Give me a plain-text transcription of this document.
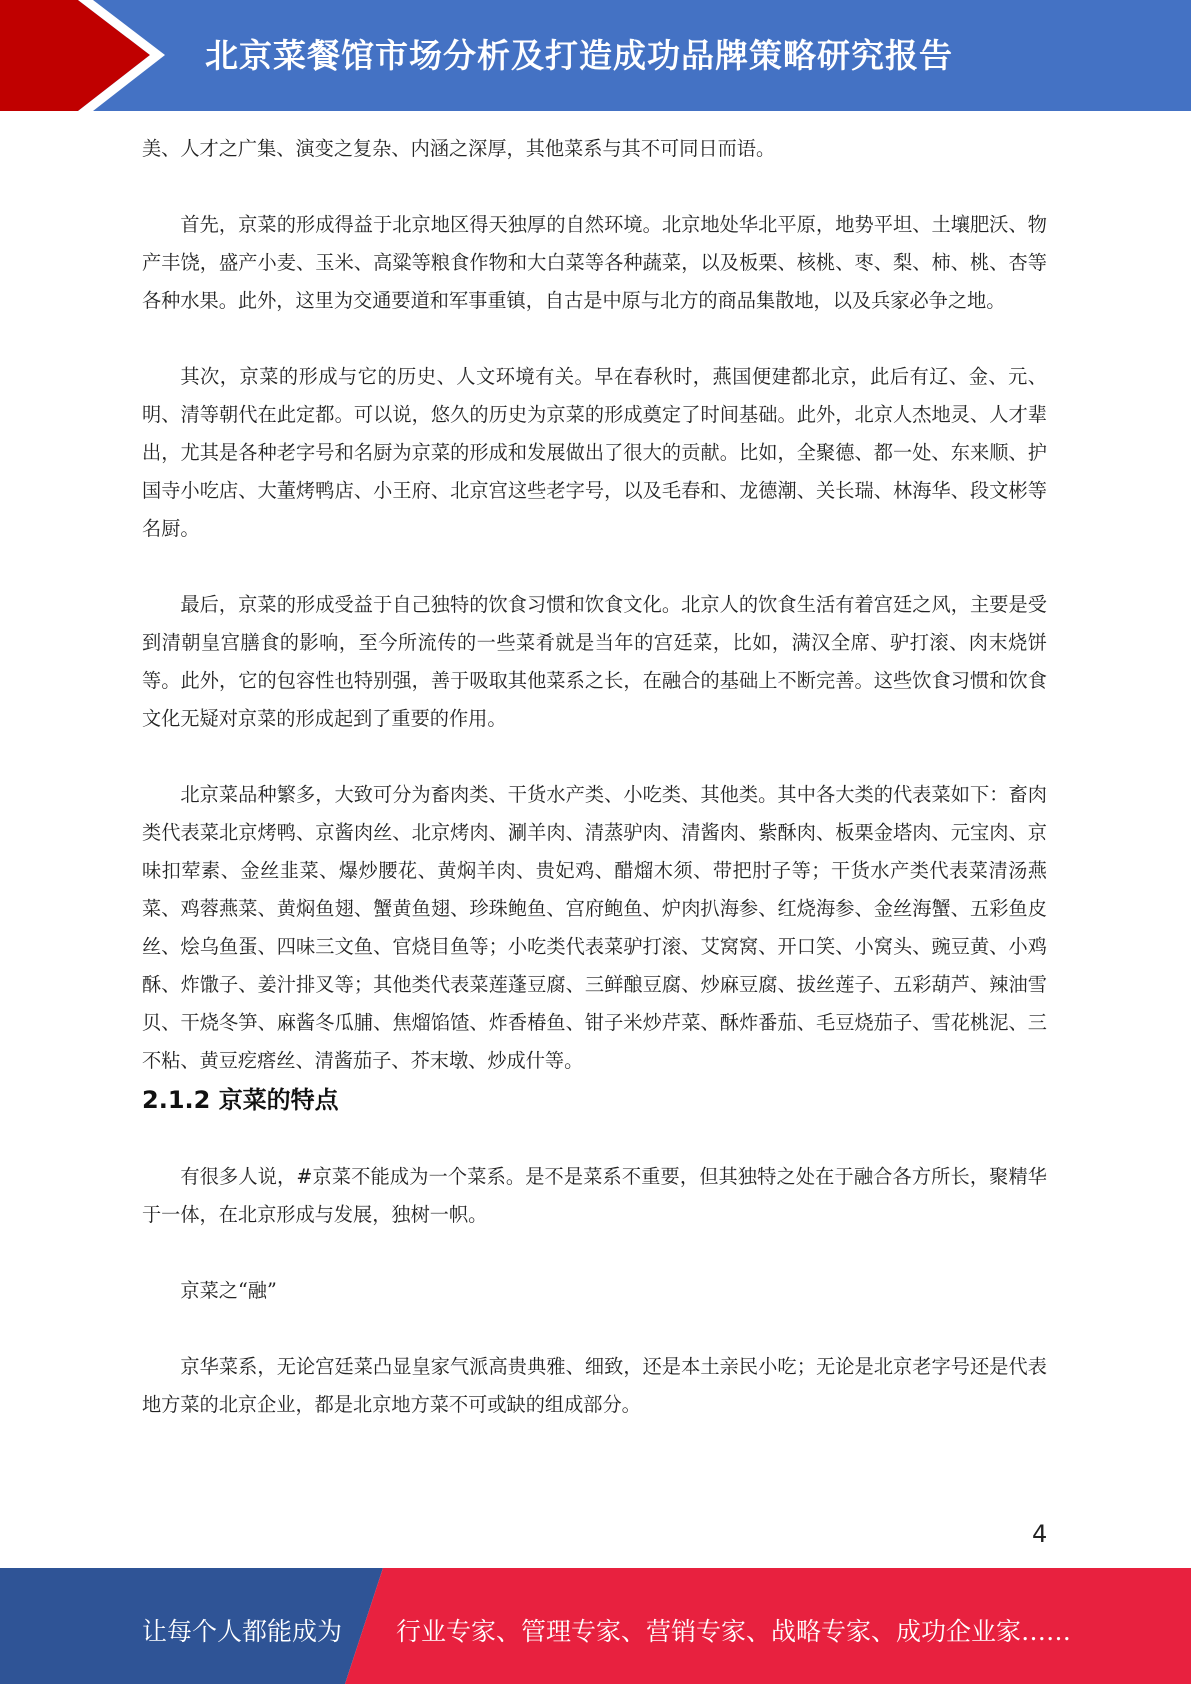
北京菜餐馆市场分析及打造成功品牌策略研究报告

美、人才之广集、演变之复杂、内涵之深厚，其他菜系与其不可同日而语。

首先，京菜的形成得益于北京地区得天独厚的自然环境。北京地处华北平原，地势平坦、土壤肥沃、物产丰饶，盛产小麦、玉米、高粱等粮食作物和大白菜等各种蔬菜，以及板栗、核桃、枣、梨、柿、桃、杏等各种水果。此外，这里为交通要道和军事重镇，自古是中原与北方的商品集散地，以及兵家必争之地。

其次，京菜的形成与它的历史、人文环境有关。早在春秋时，燕国便建都北京，此后有辽、金、元、明、清等朝代在此定都。可以说，悠久的历史为京菜的形成奠定了时间基础。此外，北京人杰地灵、人才辈出，尤其是各种老字号和名厨为京菜的形成和发展做出了很大的贡献。比如，全聚德、都一处、东来顺、护国寺小吃店、大董烤鸭店、小王府、北京宫这些老字号，以及毛春和、龙德潮、关长瑞、林海华、段文彬等名厨。

最后，京菜的形成受益于自己独特的饮食习惯和饮食文化。北京人的饮食生活有着宫廷之风，主要是受到清朝皇宫膳食的影响，至今所流传的一些菜肴就是当年的宫廷菜，比如，满汉全席、驴打滚、肉末烧饼等。此外，它的包容性也特别强，善于吸取其他菜系之长，在融合的基础上不断完善。这些饮食习惯和饮食文化无疑对京菜的形成起到了重要的作用。

北京菜品种繁多，大致可分为畜肉类、干货水产类、小吃类、其他类。其中各大类的代表菜如下：畜肉类代表菜北京烤鸭、京酱肉丝、北京烤肉、涮羊肉、清蒸驴肉、清酱肉、紫酥肉、板栗金塔肉、元宝肉、京味扣荤素、金丝韭菜、爆炒腰花、黄焖羊肉、贵妃鸡、醋熘木须、带把肘子等；干货水产类代表菜清汤燕菜、鸡蓉燕菜、黄焖鱼翅、蟹黄鱼翅、珍珠鲍鱼、宫府鲍鱼、炉肉扒海参、红烧海参、金丝海蟹、五彩鱼皮丝、烩乌鱼蛋、四味三文鱼、官烧目鱼等；小吃类代表菜驴打滚、艾窝窝、开口笑、小窝头、豌豆黄、小鸡酥、炸馓子、姜汁排叉等；其他类代表菜莲蓬豆腐、三鲜酿豆腐、炒麻豆腐、拔丝莲子、五彩葫芦、辣油雪贝、干烧冬笋、麻酱冬瓜脯、焦熘馅馇、炸香椿鱼、钳子米炒芹菜、酥炸番茄、毛豆烧茄子、雪花桃泥、三不粘、黄豆疙瘩丝、清酱茄子、芥末墩、炒成什等。

2.1.2 京菜的特点

有很多人说，#京菜不能成为一个菜系。是不是菜系不重要，但其独特之处在于融合各方所长，聚精华于一体，在北京形成与发展，独树一帜。

京菜之“融”

京华菜系，无论宫廷菜凸显皇家气派高贵典雅、细致，还是本土亲民小吃；无论是北京老字号还是代表地方菜的北京企业，都是北京地方菜不可或缺的组成部分。

4
让每个人都能成为 行业专家、管理专家、营销专家、战略专家、成功企业家……
